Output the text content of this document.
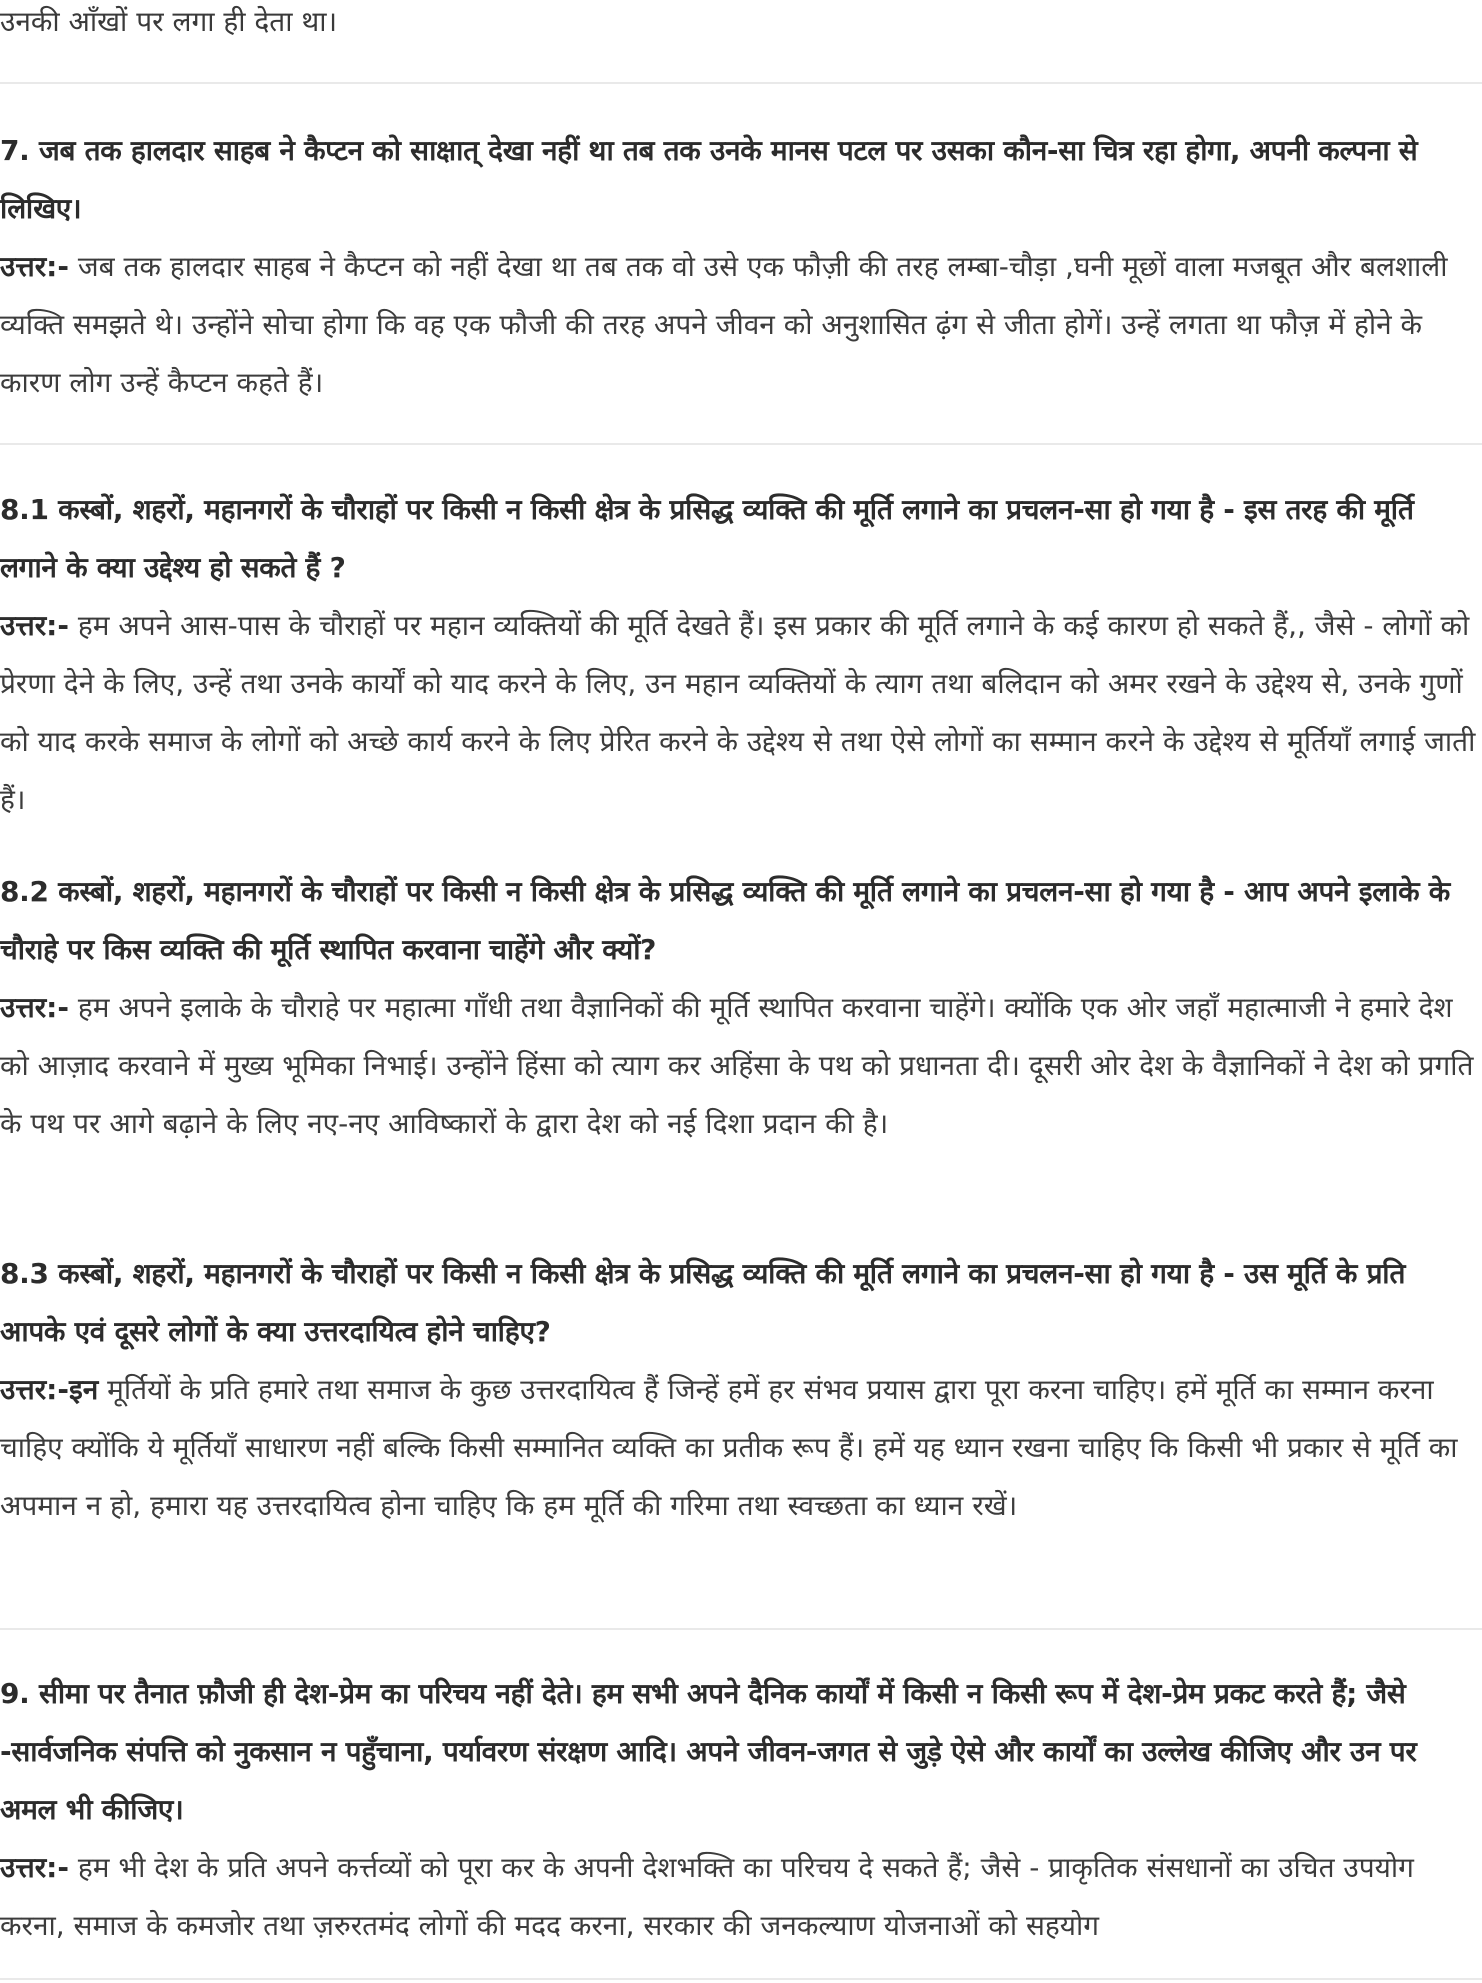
उनकी आँखों पर लगा ही देता था।

7. जब तक हालदार साहब ने कैप्टन को साक्षात् देखा नहीं था तब तक उनके मानस पटल पर उसका कौन-सा चित्र रहा होगा, अपनी कल्पना से लिखिए।

उत्तर:- जब तक हालदार साहब ने कैप्टन को नहीं देखा था तब तक वो उसे एक फौज़ी की तरह लम्बा-चौड़ा ,घनी मूछों वाला मजबूत और बलशाली व्यक्ति समझते थे। उन्होंने सोचा होगा कि वह एक फौजी की तरह अपने जीवन को अनुशासित ढ़ंग से जीता होगें। उन्हें लगता था फौज़ में होने के कारण लोग उन्हें कैप्टन कहते हैं।

8.1 कस्बों, शहरों, महानगरों के चौराहों पर किसी न किसी क्षेत्र के प्रसिद्ध व्यक्ति की मूर्ति लगाने का प्रचलन-सा हो गया है - इस तरह की मूर्ति लगाने के क्या उद्देश्य हो सकते हैं ?

उत्तर:- हम अपने आस-पास के चौराहों पर महान व्यक्तियों की मूर्ति देखते हैं। इस प्रकार की मूर्ति लगाने के कई कारण हो सकते हैं,, जैसे - लोगों को प्रेरणा देने के लिए, उन्हें तथा उनके कार्यों को याद करने के लिए, उन महान व्यक्तियों के त्याग तथा बलिदान को अमर रखने के उद्देश्य से, उनके गुणों को याद करके समाज के लोगों को अच्छे कार्य करने के लिए प्रेरित करने के उद्देश्य से तथा ऐसे लोगों का सम्मान करने के उद्देश्य से मूर्तियाँ लगाई जाती हैं।

8.2 कस्बों, शहरों, महानगरों के चौराहों पर किसी न किसी क्षेत्र के प्रसिद्ध व्यक्ति की मूर्ति लगाने का प्रचलन-सा हो गया है - आप अपने इलाके के चौराहे पर किस व्यक्ति की मूर्ति स्थापित करवाना चाहेंगे और क्यों?

उत्तर:- हम अपने इलाके के चौराहे पर महात्मा गाँधी तथा वैज्ञानिकों की मूर्ति स्थापित करवाना चाहेंगे। क्योंकि एक ओर जहाँ महात्माजी ने हमारे देश को आज़ाद करवाने में मुख्य भूमिका निभाई। उन्होंने हिंसा को त्याग कर अहिंसा के पथ को प्रधानता दी। दूसरी ओर देश के वैज्ञानिकों ने देश को प्रगति के पथ पर आगे बढ़ाने के लिए नए-नए आविष्कारों के द्वारा देश को नई दिशा प्रदान की है।

8.3 कस्बों, शहरों, महानगरों के चौराहों पर किसी न किसी क्षेत्र के प्रसिद्ध व्यक्ति की मूर्ति लगाने का प्रचलन-सा हो गया है - उस मूर्ति के प्रति आपके एवं दूसरे लोगों के क्या उत्तरदायित्व होने चाहिए?

उत्तर:-इन मूर्तियों के प्रति हमारे तथा समाज के कुछ उत्तरदायित्व हैं जिन्हें हमें हर संभव प्रयास द्वारा पूरा करना चाहिए। हमें मूर्ति का सम्मान करना चाहिए क्योंकि ये मूर्तियाँ साधारण नहीं बल्कि किसी सम्मानित व्यक्ति का प्रतीक रूप हैं। हमें यह ध्यान रखना चाहिए कि किसी भी प्रकार से मूर्ति का अपमान न हो, हमारा यह उत्तरदायित्व होना चाहिए कि हम मूर्ति की गरिमा तथा स्वच्छता का ध्यान रखें।

9. सीमा पर तैनात फ़ौजी ही देश-प्रेम का परिचय नहीं देते। हम सभी अपने दैनिक कार्यों में किसी न किसी रूप में देश-प्रेम प्रकट करते हैं; जैसे -सार्वजनिक संपत्ति को नुकसान न पहुँचाना, पर्यावरण संरक्षण आदि। अपने जीवन-जगत से जुड़े ऐसे और कार्यों का उल्लेख कीजिए और उन पर अमल भी कीजिए।

उत्तर:- हम भी देश के प्रति अपने कर्त्तव्यों को पूरा कर के अपनी देशभक्ति का परिचय दे सकते हैं; जैसे - प्राकृतिक संसधानों का उचित उपयोग करना, समाज के कमजोर तथा ज़रुरतमंद लोगों की मदद करना, सरकार की जनकल्याण योजनाओं को सहयोग
